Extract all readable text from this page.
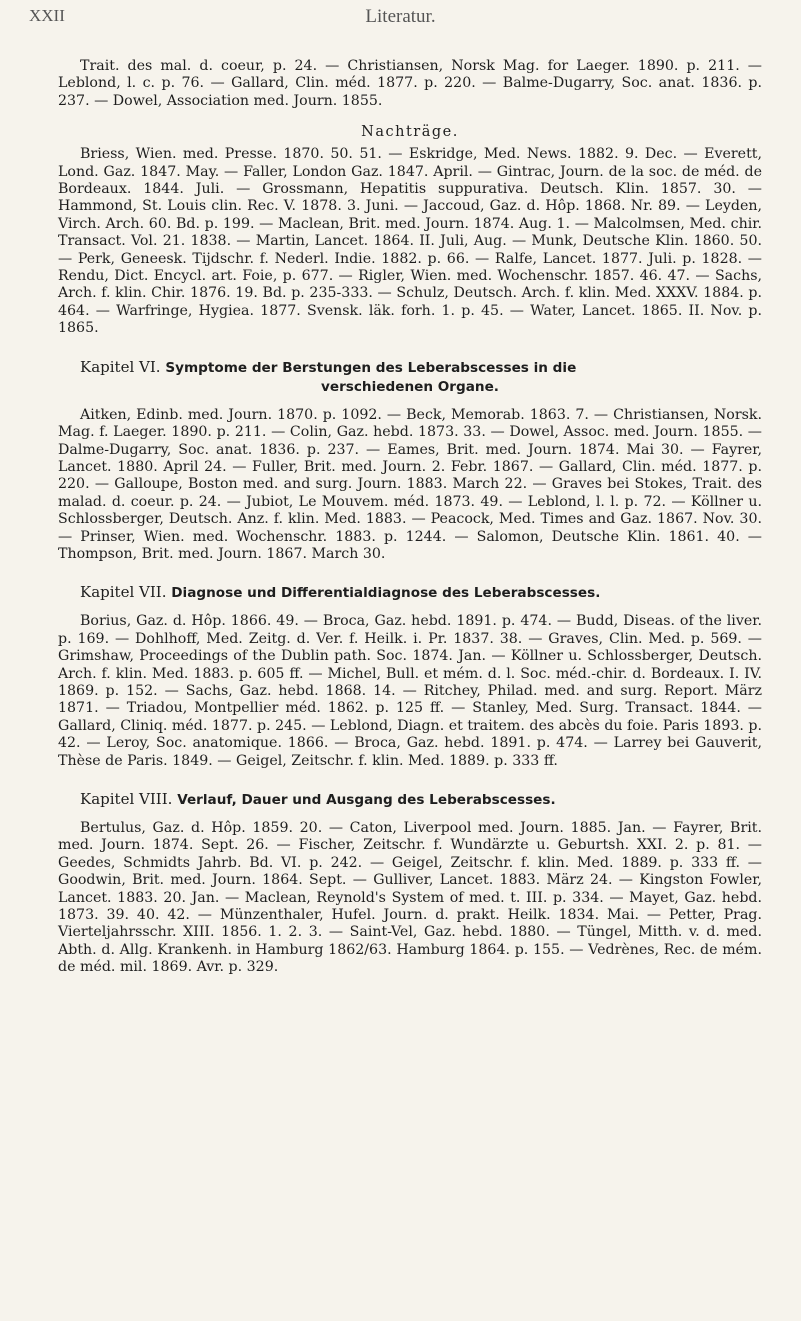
XXII	Literatur.

Trait. des mal. d. coeur, p. 24. — Christiansen, Norsk Mag. for Laeger. 1890. p. 211. — Leblond, l. c. p. 76. — Gallard, Clin. méd. 1877. p. 220. — Balme-Dugarry, Soc. anat. 1836. p. 237. — Dowel, Association med. Journ. 1855.

Nachträge.

Briess, Wien. med. Presse. 1870. 50. 51. — Eskridge, Med. News. 1882. 9. Dec. — Everett, Lond. Gaz. 1847. May. — Faller, London Gaz. 1847. April. — Gintrac, Journ. de la soc. de méd. de Bordeaux. 1844. Juli. — Grossmann, Hepatitis suppurativa. Deutsch. Klin. 1857. 30. — Hammond, St. Louis clin. Rec. V. 1878. 3. Juni. — Jaccoud, Gaz. d. Hôp. 1868. Nr. 89. — Leyden, Virch. Arch. 60. Bd. p. 199. — Maclean, Brit. med. Journ. 1874. Aug. 1. — Malcolmsen, Med. chir. Transact. Vol. 21. 1838. — Martin, Lancet. 1864. II. Juli, Aug. — Munk, Deutsche Klin. 1860. 50. — Perk, Geneesk. Tijdschr. f. Nederl. Indie. 1882. p. 66. — Ralfe, Lancet. 1877. Juli. p. 1828. — Rendu, Dict. Encycl. art. Foie, p. 677. — Rigler, Wien. med. Wochenschr. 1857. 46. 47. — Sachs, Arch. f. klin. Chir. 1876. 19. Bd. p. 235-333. — Schulz, Deutsch. Arch. f. klin. Med. XXXV. 1884. p. 464. — Warfringe, Hygiea. 1877. Svensk. läk. forh. 1. p. 45. — Water, Lancet. 1865. II. Nov. p. 1865.

Kapitel VI. Symptome der Berstungen des Leberabscesses in die
verschiedenen Organe.

Aitken, Edinb. med. Journ. 1870. p. 1092. — Beck, Memorab. 1863. 7. — Christiansen, Norsk. Mag. f. Laeger. 1890. p. 211. — Colin, Gaz. hebd. 1873. 33. — Dowel, Assoc. med. Journ. 1855. — Dalme-Dugarry, Soc. anat. 1836. p. 237. — Eames, Brit. med. Journ. 1874. Mai 30. — Fayrer, Lancet. 1880. April 24. — Fuller, Brit. med. Journ. 2. Febr. 1867. — Gallard, Clin. méd. 1877. p. 220. — Galloupe, Boston med. and surg. Journ. 1883. March 22. — Graves bei Stokes, Trait. des malad. d. coeur. p. 24. — Jubiot, Le Mouvem. méd. 1873. 49. — Leblond, l. l. p. 72. — Köllner u. Schlossberger, Deutsch. Anz. f. klin. Med. 1883. — Peacock, Med. Times and Gaz. 1867. Nov. 30. — Prinser, Wien. med. Wochenschr. 1883. p. 1244. — Salomon, Deutsche Klin. 1861. 40. — Thompson, Brit. med. Journ. 1867. March 30.

Kapitel VII. Diagnose und Differentialdiagnose des Leberabscesses.

Borius, Gaz. d. Hôp. 1866. 49. — Broca, Gaz. hebd. 1891. p. 474. — Budd, Diseas. of the liver. p. 169. — Dohlhoff, Med. Zeitg. d. Ver. f. Heilk. i. Pr. 1837. 38. — Graves, Clin. Med. p. 569. — Grimshaw, Proceedings of the Dublin path. Soc. 1874. Jan. — Köllner u. Schlossberger, Deutsch. Arch. f. klin. Med. 1883. p. 605 ff. — Michel, Bull. et mém. d. l. Soc. méd.-chir. d. Bordeaux. I. IV. 1869. p. 152. — Sachs, Gaz. hebd. 1868. 14. — Ritchey, Philad. med. and surg. Report. März 1871. — Triadou, Montpellier méd. 1862. p. 125 ff. — Stanley, Med. Surg. Transact. 1844. — Gallard, Cliniq. méd. 1877. p. 245. — Leblond, Diagn. et traitem. des abcès du foie. Paris 1893. p. 42. — Leroy, Soc. anatomique. 1866. — Broca, Gaz. hebd. 1891. p. 474. — Larrey bei Gauverit, Thèse de Paris. 1849. — Geigel, Zeitschr. f. klin. Med. 1889. p. 333 ff.

Kapitel VIII. Verlauf, Dauer und Ausgang des Leberabscesses.

Bertulus, Gaz. d. Hôp. 1859. 20. — Caton, Liverpool med. Journ. 1885. Jan. — Fayrer, Brit. med. Journ. 1874. Sept. 26. — Fischer, Zeitschr. f. Wundärzte u. Geburtsh. XXI. 2. p. 81. — Geedes, Schmidts Jahrb. Bd. VI. p. 242. — Geigel, Zeitschr. f. klin. Med. 1889. p. 333 ff. — Goodwin, Brit. med. Journ. 1864. Sept. — Gulliver, Lancet. 1883. März 24. — Kingston Fowler, Lancet. 1883. 20. Jan. — Maclean, Reynold's System of med. t. III. p. 334. — Mayet, Gaz. hebd. 1873. 39. 40. 42. — Münzenthaler, Hufel. Journ. d. prakt. Heilk. 1834. Mai. — Petter, Prag. Vierteljahrsschr. XIII. 1856. 1. 2. 3. — Saint-Vel, Gaz. hebd. 1880. — Tüngel, Mitth. v. d. med. Abth. d. Allg. Krankenh. in Hamburg 1862/63. Hamburg 1864. p. 155. — Vedrènes, Rec. de mém. de méd. mil. 1869. Avr. p. 329.
